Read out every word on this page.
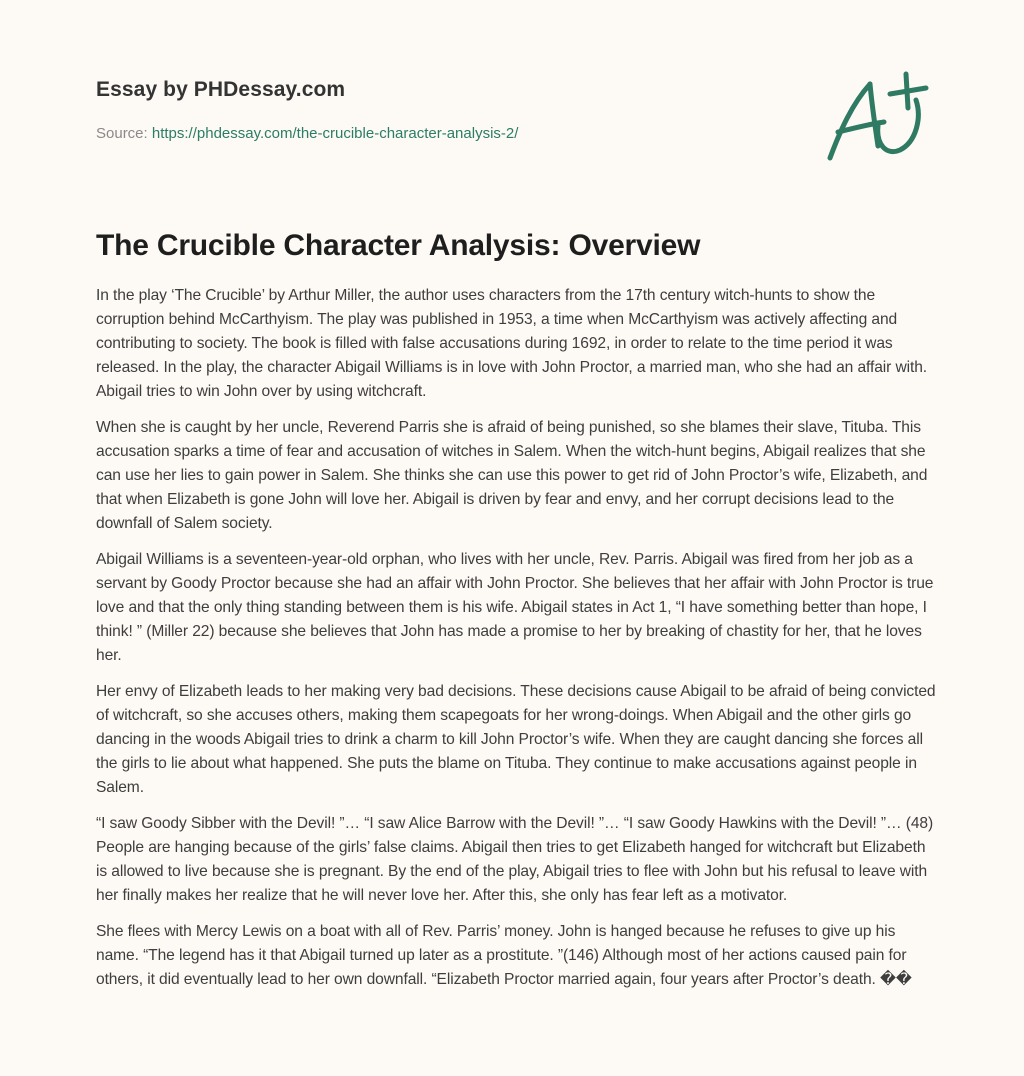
Essay by PHDessay.com
Source: https://phdessay.com/the-crucible-character-analysis-2/
The Crucible Character Analysis: Overview

In the play ‘The Crucible’ by Arthur Miller, the author uses characters from the 17th century witch-hunts to show the corruption behind McCarthyism. The play was published in 1953, a time when McCarthyism was actively affecting and contributing to society. The book is filled with false accusations during 1692, in order to relate to the time period it was released. In the play, the character Abigail Williams is in love with John Proctor, a married man, who she had an affair with. Abigail tries to win John over by using witchcraft.

When she is caught by her uncle, Reverend Parris she is afraid of being punished, so she blames their slave, Tituba. This accusation sparks a time of fear and accusation of witches in Salem. When the witch-hunt begins, Abigail realizes that she can use her lies to gain power in Salem. She thinks she can use this power to get rid of John Proctor’s wife, Elizabeth, and that when Elizabeth is gone John will love her. Abigail is driven by fear and envy, and her corrupt decisions lead to the downfall of Salem society.

Abigail Williams is a seventeen-year-old orphan, who lives with her uncle, Rev. Parris. Abigail was fired from her job as a servant by Goody Proctor because she had an affair with John Proctor. She believes that her affair with John Proctor is true love and that the only thing standing between them is his wife. Abigail states in Act 1, “I have something better than hope, I think! ” (Miller 22) because she believes that John has made a promise to her by breaking of chastity for her, that he loves her.

Her envy of Elizabeth leads to her making very bad decisions. These decisions cause Abigail to be afraid of being convicted of witchcraft, so she accuses others, making them scapegoats for her wrong-doings. When Abigail and the other girls go dancing in the woods Abigail tries to drink a charm to kill John Proctor’s wife. When they are caught dancing she forces all the girls to lie about what happened. She puts the blame on Tituba. They continue to make accusations against people in Salem.

“I saw Goody Sibber with the Devil! ”… “I saw Alice Barrow with the Devil! ”… “I saw Goody Hawkins with the Devil! ”… (48) People are hanging because of the girls’ false claims. Abigail then tries to get Elizabeth hanged for witchcraft but Elizabeth is allowed to live because she is pregnant. By the end of the play, Abigail tries to flee with John but his refusal to leave with her finally makes her realize that he will never love her. After this, she only has fear left as a motivator.

She flees with Mercy Lewis on a boat with all of Rev. Parris’ money. John is hanged because he refuses to give up his name. “The legend has it that Abigail turned up later as a prostitute. ”(146) Although most of her actions caused pain for others, it did eventually lead to her own downfall. “Elizabeth Proctor married again, four years after Proctor’s death. ��
